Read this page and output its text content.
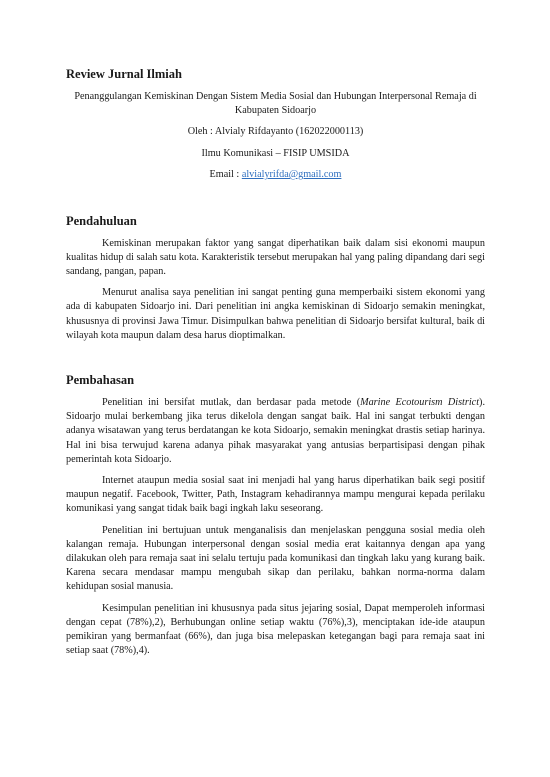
Review Jurnal Ilmiah
Penanggulangan Kemiskinan Dengan Sistem Media Sosial dan Hubungan Interpersonal Remaja di Kabupaten Sidoarjo
Oleh : Alvialy Rifdayanto (162022000113)
Ilmu Komunikasi – FISIP UMSIDA
Email : alvialyrifda@gmail.com
Pendahuluan

Kemiskinan merupakan faktor yang sangat diperhatikan baik dalam sisi ekonomi maupun kualitas hidup di salah satu kota. Karakteristik tersebut merupakan hal yang paling dipandang dari segi sandang, pangan, papan.

Menurut analisa saya penelitian ini sangat penting guna memperbaiki sistem ekonomi yang ada di kabupaten Sidoarjo ini. Dari penelitian ini angka kemiskinan di Sidoarjo semakin meningkat, khususnya di provinsi Jawa Timur. Disimpulkan bahwa penelitian di Sidoarjo bersifat kultural, baik di wilayah kota maupun dalam desa harus dioptimalkan.

Pembahasan

Penelitian ini bersifat mutlak, dan berdasar pada metode (Marine Ecotourism District). Sidoarjo mulai berkembang jika terus dikelola dengan sangat baik. Hal ini sangat terbukti dengan adanya wisatawan yang terus berdatangan ke kota Sidoarjo, semakin meningkat drastis setiap harinya. Hal ini bisa terwujud karena adanya pihak masyarakat yang antusias berpartisipasi dengan pihak pemerintah kota Sidoarjo.

Internet ataupun media sosial saat ini menjadi hal yang harus diperhatikan baik segi positif maupun negatif. Facebook, Twitter, Path, Instagram kehadirannya mampu mengurai kepada perilaku komunikasi yang sangat tidak baik bagi ingkah laku seseorang.

Penelitian ini bertujuan untuk menganalisis dan menjelaskan pengguna sosial media oleh kalangan remaja. Hubungan interpersonal dengan sosial media erat kaitannya dengan apa yang dilakukan oleh para remaja saat ini selalu tertuju pada komunikasi dan tingkah laku yang kurang baik. Karena secara mendasar mampu mengubah sikap dan perilaku, bahkan norma-norma dalam kehidupan sosial manusia.

Kesimpulan penelitian ini khususnya pada situs jejaring sosial, Dapat memperoleh informasi dengan cepat (78%),2), Berhubungan online setiap waktu (76%),3), menciptakan ide-ide ataupun pemikiran yang bermanfaat (66%), dan juga bisa melepaskan ketegangan bagi para remaja saat ini setiap saat (78%),4).
